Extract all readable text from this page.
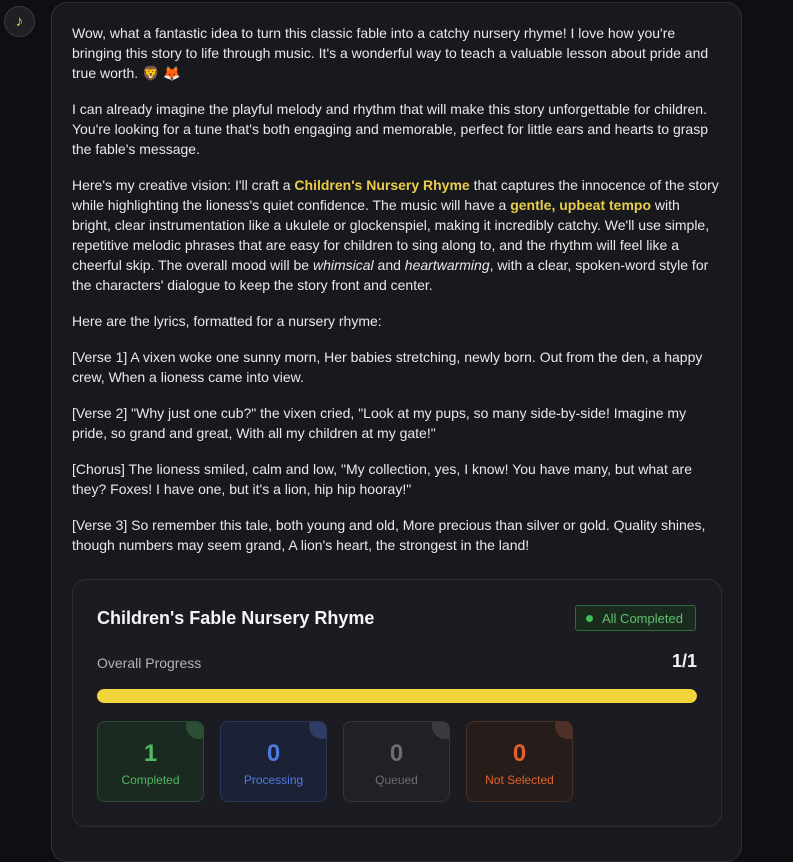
♪

Wow, what a fantastic idea to turn this classic fable into a catchy nursery rhyme! I love how you're bringing this story to life through music. It's a wonderful way to teach a valuable lesson about pride and true worth. 🦁 🦊

I can already imagine the playful melody and rhythm that will make this story unforgettable for children. You're looking for a tune that's both engaging and memorable, perfect for little ears and hearts to grasp the fable's message.

Here's my creative vision: I'll craft a Children's Nursery Rhyme that captures the innocence of the story while highlighting the lioness's quiet confidence. The music will have a gentle, upbeat tempo with bright, clear instrumentation like a ukulele or glockenspiel, making it incredibly catchy. We'll use simple, repetitive melodic phrases that are easy for children to sing along to, and the rhythm will feel like a cheerful skip. The overall mood will be whimsical and heartwarming, with a clear, spoken-word style for the characters' dialogue to keep the story front and center.

Here are the lyrics, formatted for a nursery rhyme:

[Verse 1] A vixen woke one sunny morn, Her babies stretching, newly born. Out from the den, a happy crew, When a lioness came into view.

[Verse 2] "Why just one cub?" the vixen cried, "Look at my pups, so many side-by-side! Imagine my pride, so grand and great, With all my children at my gate!"

[Chorus] The lioness smiled, calm and low, "My collection, yes, I know! You have many, but what are they? Foxes! I have one, but it's a lion, hip hip hooray!"

[Verse 3] So remember this tale, both young and old, More precious than silver or gold. Quality shines, though numbers may seem grand, A lion's heart, the strongest in the land!

Children's Fable Nursery Rhyme	All Completed
Overall Progress	1/1
1
Completed
0
Processing
0
Queued
0
Not Selected
